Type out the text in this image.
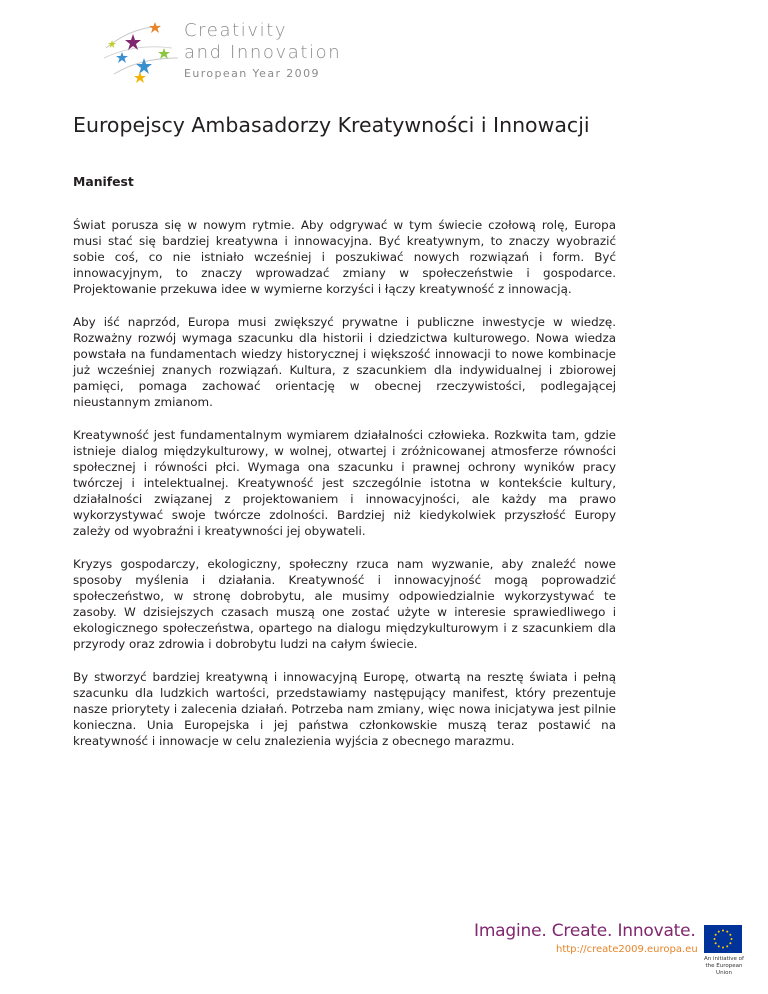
Creativity
and Innovation
European Year 2009
Europejscy Ambasadorzy Kreatywności i Innowacji
Manifest

Świat porusza się w nowym rytmie. Aby odgrywać w tym świecie czołową rolę, Europa musi stać się bardziej kreatywna i innowacyjna. Być kreatywnym, to znaczy wyobrazić sobie coś, co nie istniało wcześniej i poszukiwać nowych rozwiązań i form. Być innowacyjnym, to znaczy wprowadzać zmiany w społeczeństwie i gospodarce. Projektowanie przekuwa idee w wymierne korzyści i łączy kreatywność z innowacją.

Aby iść naprzód, Europa musi zwiększyć prywatne i publiczne inwestycje w wiedzę. Rozważny rozwój wymaga szacunku dla historii i dziedzictwa kulturowego. Nowa wiedza powstała na fundamentach wiedzy historycznej i większość innowacji to nowe kombinacje już wcześniej znanych rozwiązań. Kultura, z szacunkiem dla indywidualnej i zbiorowej pamięci, pomaga zachować orientację w obecnej rzeczywistości, podlegającej nieustannym zmianom.

Kreatywność jest fundamentalnym wymiarem działalności człowieka. Rozkwita tam, gdzie istnieje dialog międzykulturowy, w wolnej, otwartej i zróżnicowanej atmosferze równości społecznej i równości płci. Wymaga ona szacunku i prawnej ochrony wyników pracy twórczej i intelektualnej. Kreatywność jest szczególnie istotna w kontekście kultury, działalności związanej z projektowaniem i innowacyjności, ale każdy ma prawo wykorzystywać swoje twórcze zdolności. Bardziej niż kiedykolwiek przyszłość Europy zależy od wyobraźni i kreatywności jej obywateli.

Kryzys gospodarczy, ekologiczny, społeczny rzuca nam wyzwanie, aby znaleźć nowe sposoby myślenia i działania. Kreatywność i innowacyjność mogą poprowadzić społeczeństwo, w stronę dobrobytu, ale musimy odpowiedzialnie wykorzystywać te zasoby. W dzisiejszych czasach muszą one zostać użyte w interesie sprawiedliwego i ekologicznego społeczeństwa, opartego na dialogu międzykulturowym i z szacunkiem dla przyrody oraz zdrowia i dobrobytu ludzi na całym świecie.

By stworzyć bardziej kreatywną i innowacyjną Europę, otwartą na resztę świata i pełną szacunku dla ludzkich wartości, przedstawiamy następujący manifest, który prezentuje nasze priorytety i zalecenia działań. Potrzeba nam zmiany, więc nowa inicjatywa jest pilnie konieczna. Unia Europejska i jej państwa członkowskie muszą teraz postawić na kreatywność i innowacje w celu znalezienia wyjścia z obecnego marazmu.

Imagine. Create. Innovate.
http://create2009.europa.eu
An initiative of the European Union
